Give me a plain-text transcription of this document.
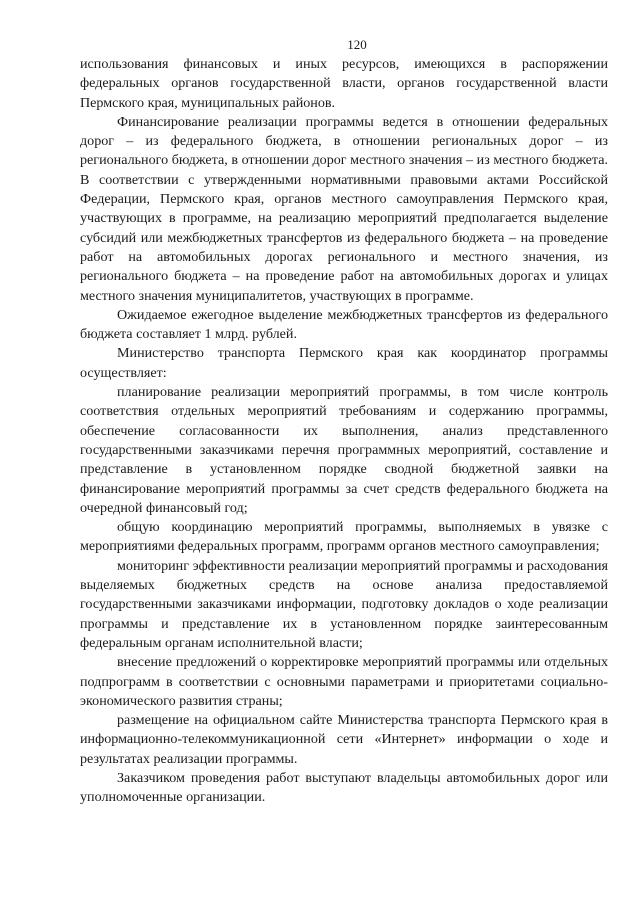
120

использования финансовых и иных ресурсов, имеющихся в распоряжении федеральных органов государственной власти, органов государственной власти Пермского края, муниципальных районов.

Финансирование реализации программы ведется в отношении федеральных дорог – из федерального бюджета, в отношении региональных дорог – из регионального бюджета, в отношении дорог местного значения – из местного бюджета. В соответствии с утвержденными нормативными правовыми актами Российской Федерации, Пермского края, органов местного самоуправления Пермского края, участвующих в программе, на реализацию мероприятий предполагается выделение субсидий или межбюджетных трансфертов из федерального бюджета – на проведение работ на автомобильных дорогах регионального и местного значения, из регионального бюджета – на проведение работ на автомобильных дорогах и улицах местного значения муниципалитетов, участвующих в программе.

Ожидаемое ежегодное выделение межбюджетных трансфертов из федерального бюджета составляет 1 млрд. рублей.

Министерство транспорта Пермского края как координатор программы осуществляет:

планирование реализации мероприятий программы, в том числе контроль соответствия отдельных мероприятий требованиям и содержанию программы, обеспечение согласованности их выполнения, анализ представленного государственными заказчиками перечня программных мероприятий, составление и представление в установленном порядке сводной бюджетной заявки на финансирование мероприятий программы за счет средств федерального бюджета на очередной финансовый год;

общую координацию мероприятий программы, выполняемых в увязке с мероприятиями федеральных программ, программ органов местного самоуправления;

мониторинг эффективности реализации мероприятий программы и расходования выделяемых бюджетных средств на основе анализа предоставляемой государственными заказчиками информации, подготовку докладов о ходе реализации программы и представление их в установленном порядке заинтересованным федеральным органам исполнительной власти;

внесение предложений о корректировке мероприятий программы или отдельных подпрограмм в соответствии с основными параметрами и приоритетами социально-экономического развития страны;

размещение на официальном сайте Министерства транспорта Пермского края в информационно-телекоммуникационной сети «Интернет» информации о ходе и результатах реализации программы.

Заказчиком проведения работ выступают владельцы автомобильных дорог или уполномоченные организации.
